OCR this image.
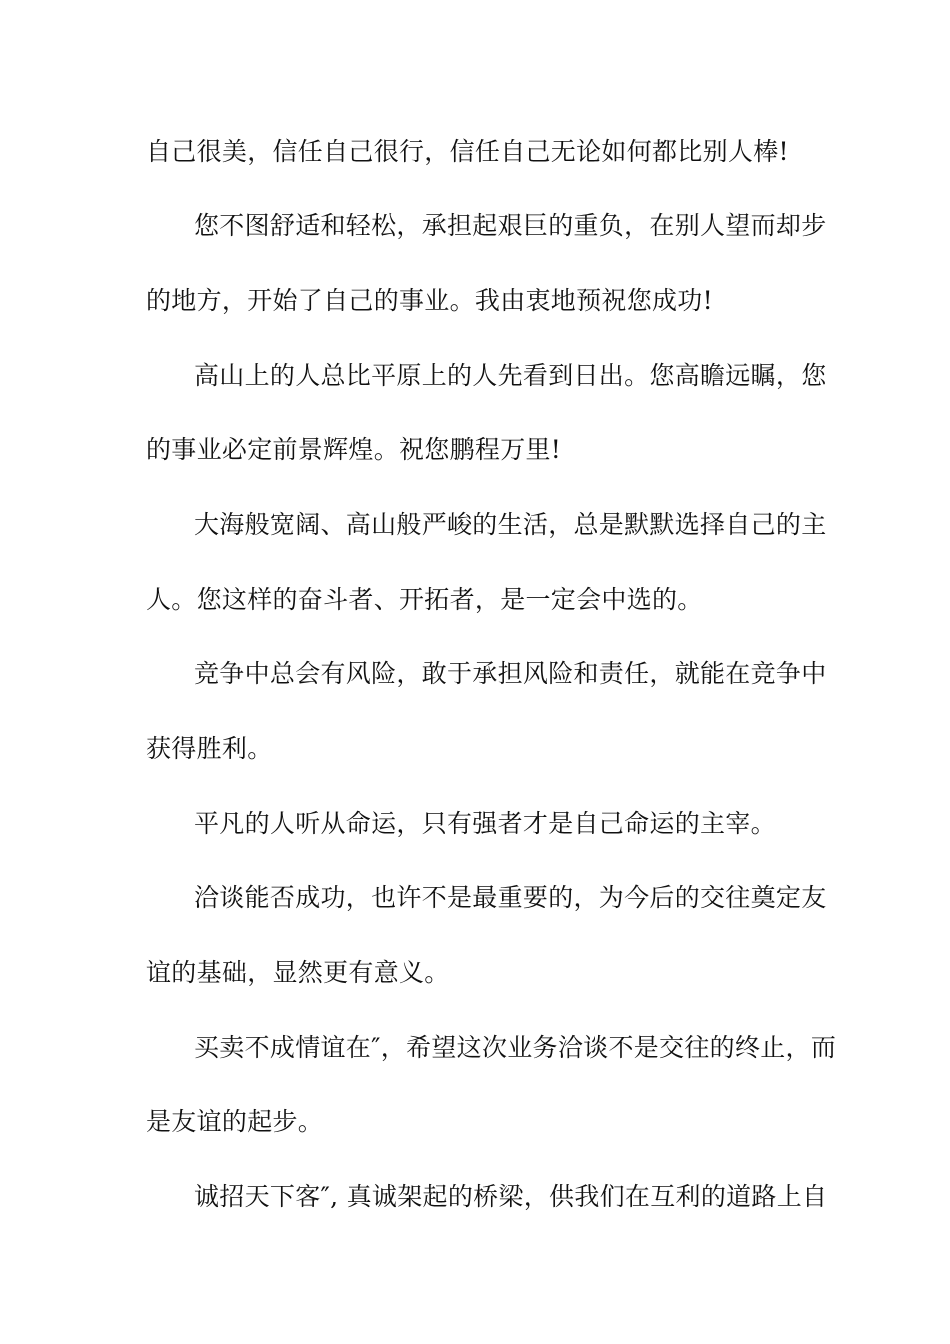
自己很美，信任自己很行，信任自己无论如何都比别人棒!
您不图舒适和轻松，承担起艰巨的重负，在别人望而却步
的地方，开始了自己的事业。我由衷地预祝您成功!
高山上的人总比平原上的人先看到日出。您高瞻远瞩，您
的事业必定前景辉煌。祝您鹏程万里!
大海般宽阔、高山般严峻的生活，总是默默选择自己的主
人。您这样的奋斗者、开拓者，是一定会中选的。
竞争中总会有风险，敢于承担风险和责任，就能在竞争中
获得胜利。
平凡的人听从命运，只有强者才是自己命运的主宰。
洽谈能否成功，也许不是最重要的，为今后的交往奠定友
谊的基础，显然更有意义。
买卖不成情谊在″，希望这次业务洽谈不是交往的终止，而
是友谊的起步。
诚招天下客″, 真诚架起的桥梁，供我们在互利的道路上自
